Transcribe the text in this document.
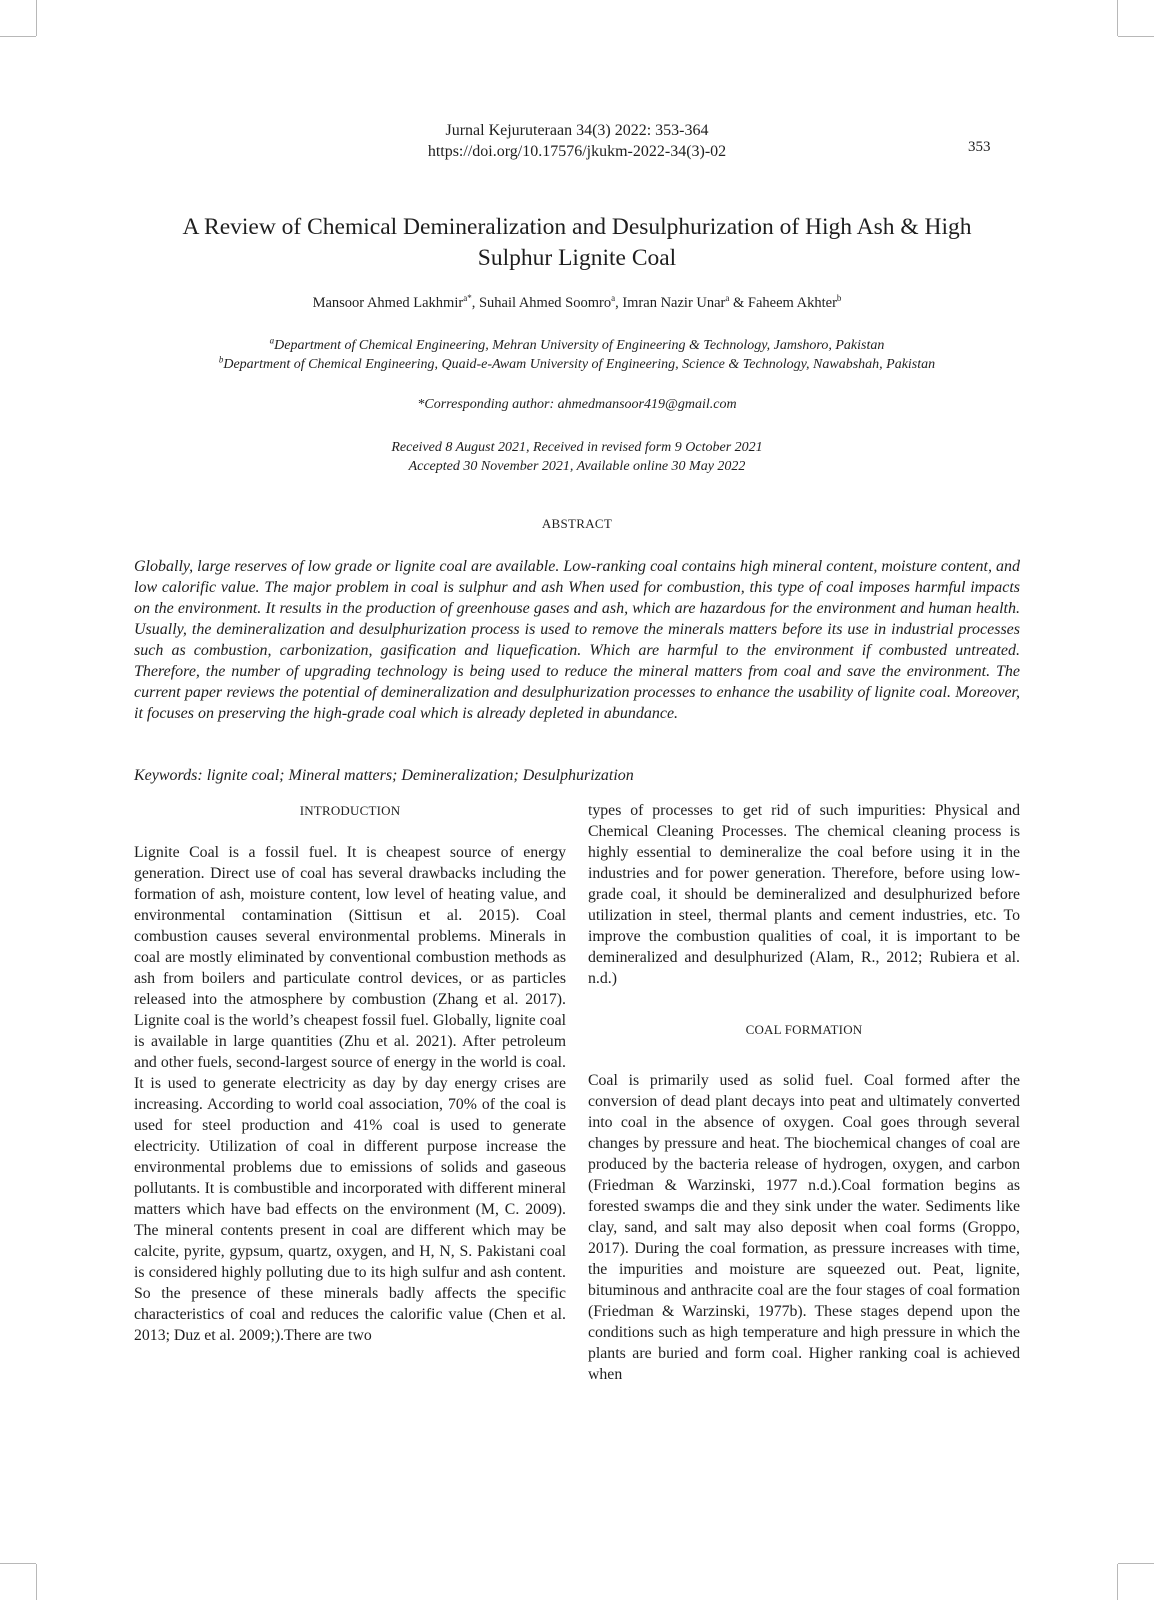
Jurnal Kejuruteraan 34(3) 2022: 353-364
https://doi.org/10.17576/jkukm-2022-34(3)-02	353
A Review of Chemical Demineralization and Desulphurization of High Ash & High
Sulphur Lignite Coal
Mansoor Ahmed Lakhmir$^{a*}$, Suhail Ahmed Soomro$^a$, Imran Nazir Unar$^a$ & Faheem Akhter$^b$
$^a$Department of Chemical Engineering, Mehran University of Engineering & Technology, Jamshoro, Pakistan
$^b$Department of Chemical Engineering, Quaid-e-Awam University of Engineering, Science & Technology, Nawabshah, Pakistan
*Corresponding author: ahmedmansoor419@gmail.com
Received 8 August 2021, Received in revised form 9 October 2021
Accepted 30 November 2021, Available online 30 May 2022
ABSTRACT

Globally, large reserves of low grade or lignite coal are available. Low-ranking coal contains high mineral content, moisture content, and low calorific value. The major problem in coal is sulphur and ash When used for combustion, this type of coal imposes harmful impacts on the environment. It results in the production of greenhouse gases and ash, which are hazardous for the environment and human health. Usually, the demineralization and desulphurization process is used to remove the minerals matters before its use in industrial processes such as combustion, carbonization, gasification and liquefication. Which are harmful to the environment if combusted untreated. Therefore, the number of upgrading technology is being used to reduce the mineral matters from coal and save the environment. The current paper reviews the potential of demineralization and desulphurization processes to enhance the usability of lignite coal. Moreover, it focuses on preserving the high-grade coal which is already depleted in abundance.

Keywords: lignite coal; Mineral matters; Demineralization; Desulphurization
INTRODUCTION

Lignite Coal is a fossil fuel. It is cheapest source of energy generation. Direct use of coal has several drawbacks including the formation of ash, moisture content, low level of heating value, and environmental contamination (Sittisun et al. 2015). Coal combustion causes several environmental problems. Minerals in coal are mostly eliminated by conventional combustion methods as ash from boilers and particulate control devices, or as particles released into the atmosphere by combustion (Zhang et al. 2017). Lignite coal is the world’s cheapest fossil fuel. Globally, lignite coal is available in large quantities (Zhu et al. 2021). After petroleum and other fuels, second-largest source of energy in the world is coal. It is used to generate electricity as day by day energy crises are increasing. According to world coal association, 70% of the coal is used for steel production and 41% coal is used to generate electricity. Utilization of coal in different purpose increase the environmental problems due to emissions of solids and gaseous pollutants. It is combustible and incorporated with different mineral matters which have bad effects on the environment (M, C. 2009). The mineral contents present in coal are different which may be calcite, pyrite, gypsum, quartz, oxygen, and H, N, S. Pakistani coal is considered highly polluting due to its high sulfur and ash content. So the presence of these minerals badly affects the specific characteristics of coal and reduces the calorific value (Chen et al. 2013; Duz et al. 2009;).There are two

types of processes to get rid of such impurities: Physical and Chemical Cleaning Processes. The chemical cleaning process is highly essential to demineralize the coal before using it in the industries and for power generation. Therefore, before using low-grade coal, it should be demineralized and desulphurized before utilization in steel, thermal plants and cement industries, etc. To improve the combustion qualities of coal, it is important to be demineralized and desulphurized (Alam, R., 2012; Rubiera et al. n.d.)

COAL FORMATION

Coal is primarily used as solid fuel. Coal formed after the conversion of dead plant decays into peat and ultimately converted into coal in the absence of oxygen. Coal goes through several changes by pressure and heat. The biochemical changes of coal are produced by the bacteria release of hydrogen, oxygen, and carbon (Friedman & Warzinski, 1977 n.d.).Coal formation begins as forested swamps die and they sink under the water. Sediments like clay, sand, and salt may also deposit when coal forms (Groppo, 2017). During the coal formation, as pressure increases with time, the impurities and moisture are squeezed out. Peat, lignite, bituminous and anthracite coal are the four stages of coal formation (Friedman & Warzinski, 1977b). These stages depend upon the conditions such as high temperature and high pressure in which the plants are buried and form coal. Higher ranking coal is achieved when
